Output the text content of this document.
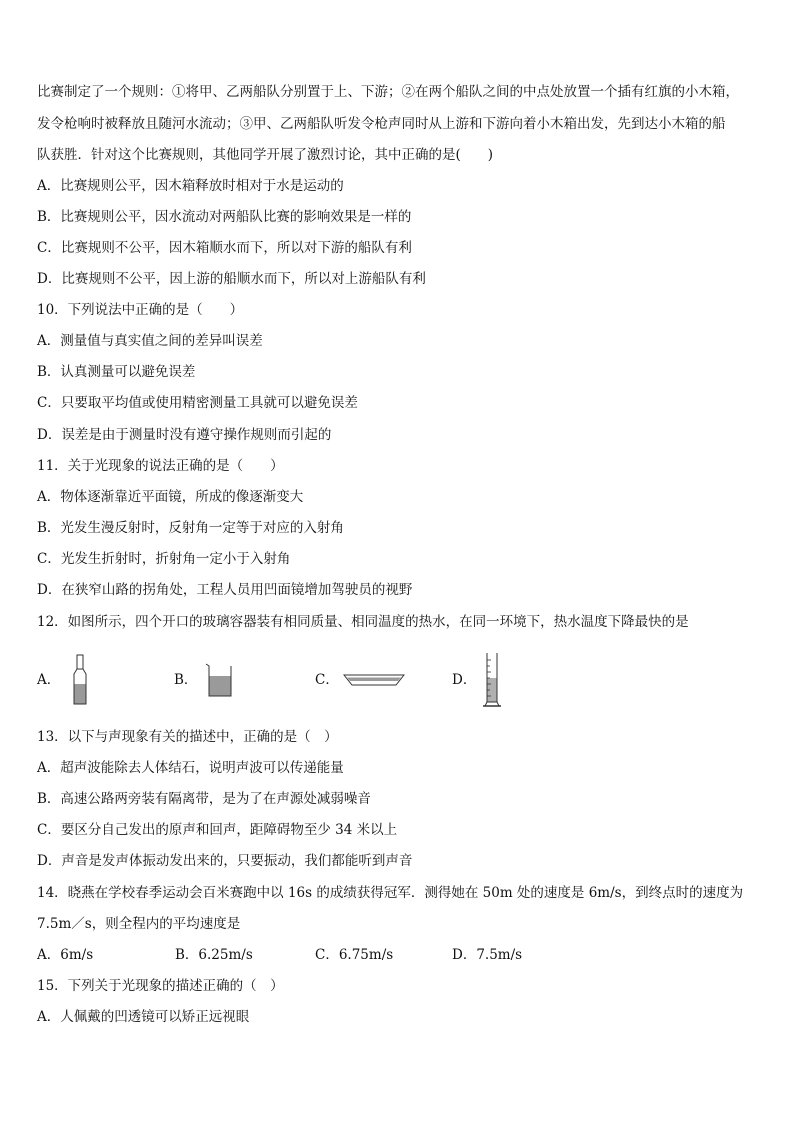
比赛制定了一个规则：①将甲、乙两船队分别置于上、下游；②在两个船队之间的中点处放置一个插有红旗的小木箱，
发令枪响时被释放且随河水流动；③甲、乙两船队听发令枪声同时从上游和下游向着小木箱出发，先到达小木箱的船
队获胜．针对这个比赛规则，其他同学开展了激烈讨论，其中正确的是(　　)
A．比赛规则公平，因木箱释放时相对于水是运动的
B．比赛规则公平，因水流动对两船队比赛的影响效果是一样的
C．比赛规则不公平，因木箱顺水而下，所以对下游的船队有利
D．比赛规则不公平，因上游的船顺水而下，所以对上游船队有利
10．下列说法中正确的是（　　）
A．测量值与真实值之间的差异叫误差
B．认真测量可以避免误差
C．只要取平均值或使用精密测量工具就可以避免误差
D．误差是由于测量时没有遵守操作规则而引起的
11．关于光现象的说法正确的是（　　）
A．物体逐渐靠近平面镜，所成的像逐渐变大
B．光发生漫反射时，反射角一定等于对应的入射角
C．光发生折射时，折射角一定小于入射角
D．在狭窄山路的拐角处，工程人员用凹面镜增加驾驶员的视野
12．如图所示，四个开口的玻璃容器装有相同质量、相同温度的热水，在同一环境下，热水温度下降最快的是
A．	B．	C．	D．
13．以下与声现象有关的描述中，正确的是（　）
A．超声波能除去人体结石，说明声波可以传递能量
B．高速公路两旁装有隔离带，是为了在声源处减弱噪音
C．要区分自己发出的原声和回声，距障碍物至少 34 米以上
D．声音是发声体振动发出来的，只要振动，我们都能听到声音
14．晓燕在学校春季运动会百米赛跑中以 16s 的成绩获得冠军．测得她在 50m 处的速度是 6m/s，到终点时的速度为
7.5m／s，则全程内的平均速度是
A．6m/s	B．6.25m/s	C．6.75m/s	D．7.5m/s
15．下列关于光现象的描述正确的（　）
A．人佩戴的凹透镜可以矫正远视眼
